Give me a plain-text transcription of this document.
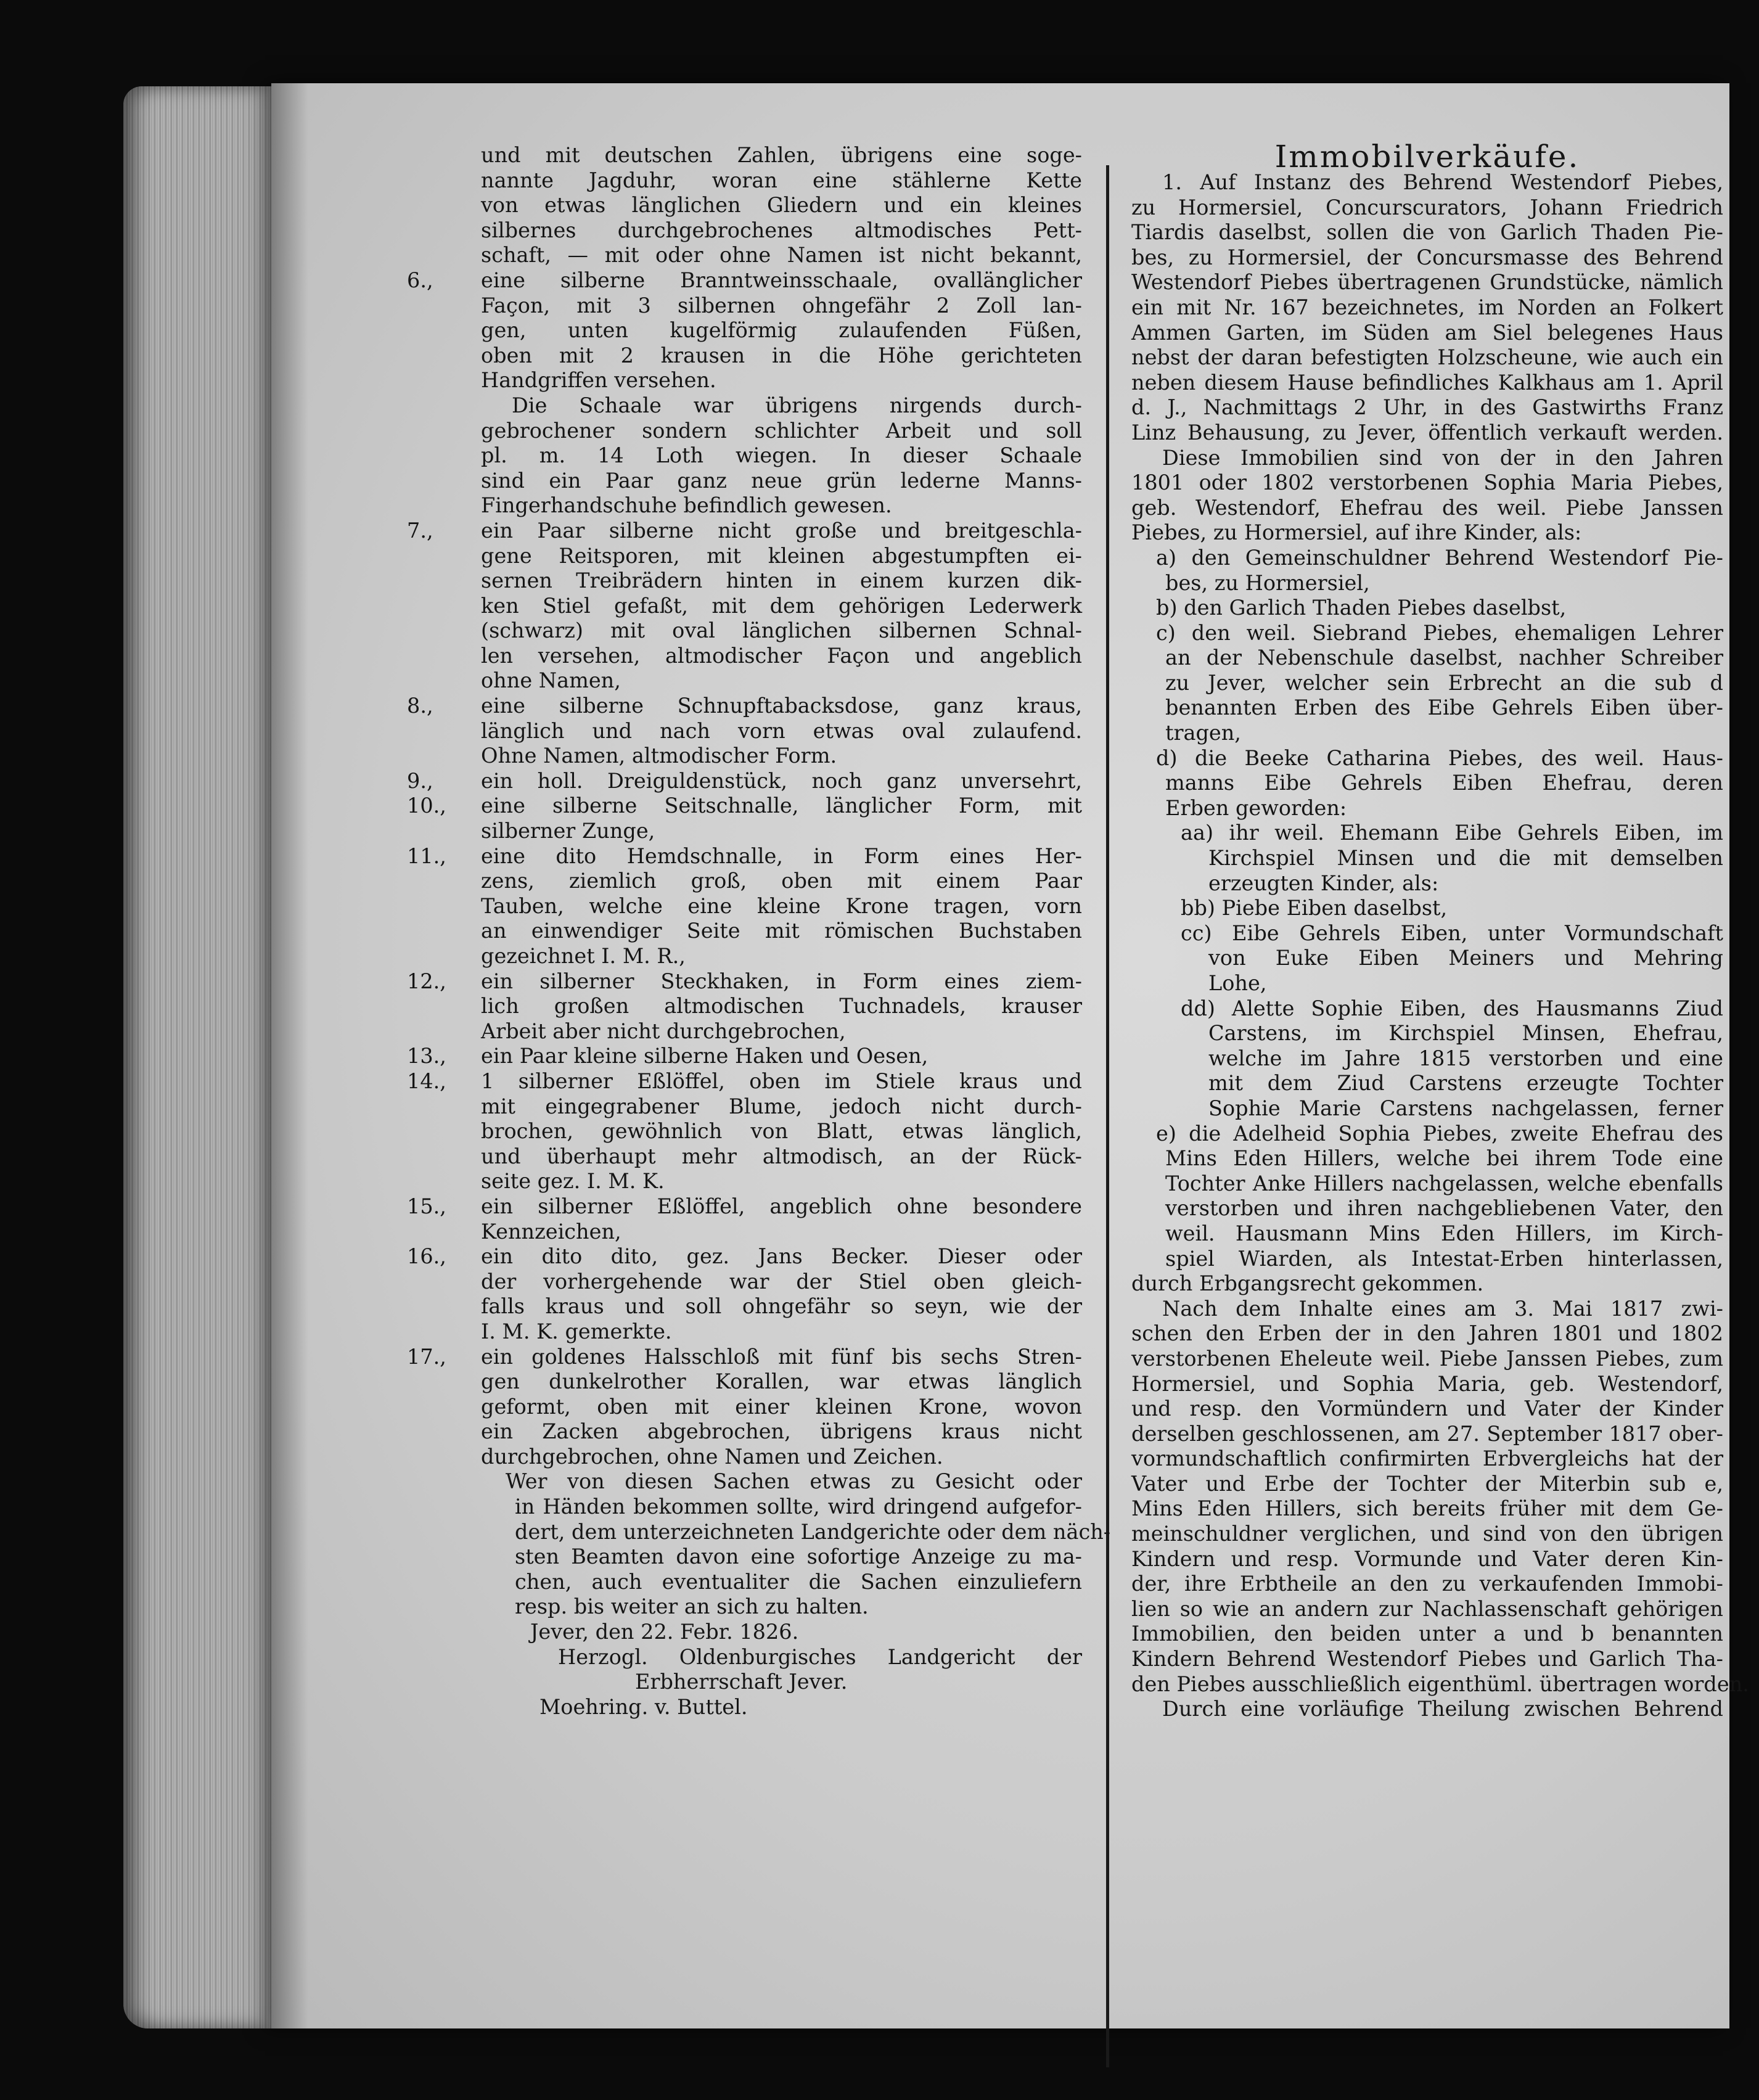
und mit deutschen Zahlen, übrigens eine soge-
nannte Jagduhr, woran eine stählerne Kette
von etwas länglichen Gliedern und ein kleines
silbernes durchgebrochenes altmodisches Pett-
schaft, — mit oder ohne Namen ist nicht bekannt,
eine silberne Branntweinsschaale, ovallänglicher
Façon, mit 3 silbernen ohngefähr 2 Zoll lan-
gen, unten kugelförmig zulaufenden Füßen,
oben mit 2 krausen in die Höhe gerichteten
Handgriffen versehen.
Die Schaale war übrigens nirgends durch-
gebrochener sondern schlichter Arbeit und soll
pl. m. 14 Loth wiegen. In dieser Schaale
sind ein Paar ganz neue grün lederne Manns-
Fingerhandschuhe befindlich gewesen.
ein Paar silberne nicht große und breitgeschla-
gene Reitsporen, mit kleinen abgestumpften ei-
sernen Treibrädern hinten in einem kurzen dik-
ken Stiel gefaßt, mit dem gehörigen Lederwerk
(schwarz) mit oval länglichen silbernen Schnal-
len versehen, altmodischer Façon und angeblich
ohne Namen,
eine silberne Schnupftabacksdose, ganz kraus,
länglich und nach vorn etwas oval zulaufend.
Ohne Namen, altmodischer Form.
ein holl. Dreiguldenstück, noch ganz unversehrt,
eine silberne Seitschnalle, länglicher Form, mit
silberner Zunge,
eine dito Hemdschnalle, in Form eines Her-
zens, ziemlich groß, oben mit einem Paar
Tauben, welche eine kleine Krone tragen, vorn
an einwendiger Seite mit römischen Buchstaben
gezeichnet I. M. R.,
ein silberner Steckhaken, in Form eines ziem-
lich großen altmodischen Tuchnadels, krauser
Arbeit aber nicht durchgebrochen,
ein Paar kleine silberne Haken und Oesen,
1 silberner Eßlöffel, oben im Stiele kraus und
mit eingegrabener Blume, jedoch nicht durch-
brochen, gewöhnlich von Blatt, etwas länglich,
und überhaupt mehr altmodisch, an der Rück-
seite gez. I. M. K.
ein silberner Eßlöffel, angeblich ohne besondere
Kennzeichen,
ein dito dito, gez. Jans Becker. Dieser oder
der vorhergehende war der Stiel oben gleich-
falls kraus und soll ohngefähr so seyn, wie der
I. M. K. gemerkte.
ein goldenes Halsschloß mit fünf bis sechs Stren-
gen dunkelrother Korallen, war etwas länglich
geformt, oben mit einer kleinen Krone, wovon
ein Zacken abgebrochen, übrigens kraus nicht
durchgebrochen, ohne Namen und Zeichen.
Wer von diesen Sachen etwas zu Gesicht oder
in Händen bekommen sollte, wird dringend aufgefor-
dert, dem unterzeichneten Landgerichte oder dem näch-
sten Beamten davon eine sofortige Anzeige zu ma-
chen, auch eventualiter die Sachen einzuliefern
resp. bis weiter an sich zu halten.
Jever, den 22. Febr. 1826.
Herzogl. Oldenburgisches Landgericht der
Erbherrschaft Jever.
Moehring. v. Buttel.
Immobilverkäufe.
1. Auf Instanz des Behrend Westendorf Piebes,
zu Hormersiel, Concurscurators, Johann Friedrich
Tiardis daselbst, sollen die von Garlich Thaden Pie-
bes, zu Hormersiel, der Concursmasse des Behrend
Westendorf Piebes übertragenen Grundstücke, nämlich
ein mit Nr. 167 bezeichnetes, im Norden an Folkert
Ammen Garten, im Süden am Siel belegenes Haus
nebst der daran befestigten Holzscheune, wie auch ein
neben diesem Hause befindliches Kalkhaus am 1. April
d. J., Nachmittags 2 Uhr, in des Gastwirths Franz
Linz Behausung, zu Jever, öffentlich verkauft werden.
Diese Immobilien sind von der in den Jahren
1801 oder 1802 verstorbenen Sophia Maria Piebes,
geb. Westendorf, Ehefrau des weil. Piebe Janssen
Piebes, zu Hormersiel, auf ihre Kinder, als:
a) den Gemeinschuldner Behrend Westendorf Pie-
bes, zu Hormersiel,
b) den Garlich Thaden Piebes daselbst,
c) den weil. Siebrand Piebes, ehemaligen Lehrer
an der Nebenschule daselbst, nachher Schreiber
zu Jever, welcher sein Erbrecht an die sub d
benannten Erben des Eibe Gehrels Eiben über-
tragen,
d) die Beeke Catharina Piebes, des weil. Haus-
manns Eibe Gehrels Eiben Ehefrau, deren
Erben geworden:
aa) ihr weil. Ehemann Eibe Gehrels Eiben, im
Kirchspiel Minsen und die mit demselben
erzeugten Kinder, als:
bb) Piebe Eiben daselbst,
cc) Eibe Gehrels Eiben, unter Vormundschaft
von Euke Eiben Meiners und Mehring
Lohe,
dd) Alette Sophie Eiben, des Hausmanns Ziud
Carstens, im Kirchspiel Minsen, Ehefrau,
welche im Jahre 1815 verstorben und eine
mit dem Ziud Carstens erzeugte Tochter
Sophie Marie Carstens nachgelassen, ferner
e) die Adelheid Sophia Piebes, zweite Ehefrau des
Mins Eden Hillers, welche bei ihrem Tode eine
Tochter Anke Hillers nachgelassen, welche ebenfalls
verstorben und ihren nachgebliebenen Vater, den
weil. Hausmann Mins Eden Hillers, im Kirch-
spiel Wiarden, als Intestat-Erben hinterlassen,
durch Erbgangsrecht gekommen.
Nach dem Inhalte eines am 3. Mai 1817 zwi-
schen den Erben der in den Jahren 1801 und 1802
verstorbenen Eheleute weil. Piebe Janssen Piebes, zum
Hormersiel, und Sophia Maria, geb. Westendorf,
und resp. den Vormündern und Vater der Kinder
derselben geschlossenen, am 27. September 1817 ober-
vormundschaftlich confirmirten Erbvergleichs hat der
Vater und Erbe der Tochter der Miterbin sub e,
Mins Eden Hillers, sich bereits früher mit dem Ge-
meinschuldner verglichen, und sind von den übrigen
Kindern und resp. Vormunde und Vater deren Kin-
der, ihre Erbtheile an den zu verkaufenden Immobi-
lien so wie an andern zur Nachlassenschaft gehörigen
Immobilien, den beiden unter a und b benannten
Kindern Behrend Westendorf Piebes und Garlich Tha-
den Piebes ausschließlich eigenthüml. übertragen worden.
Durch eine vorläufige Theilung zwischen Behrend
